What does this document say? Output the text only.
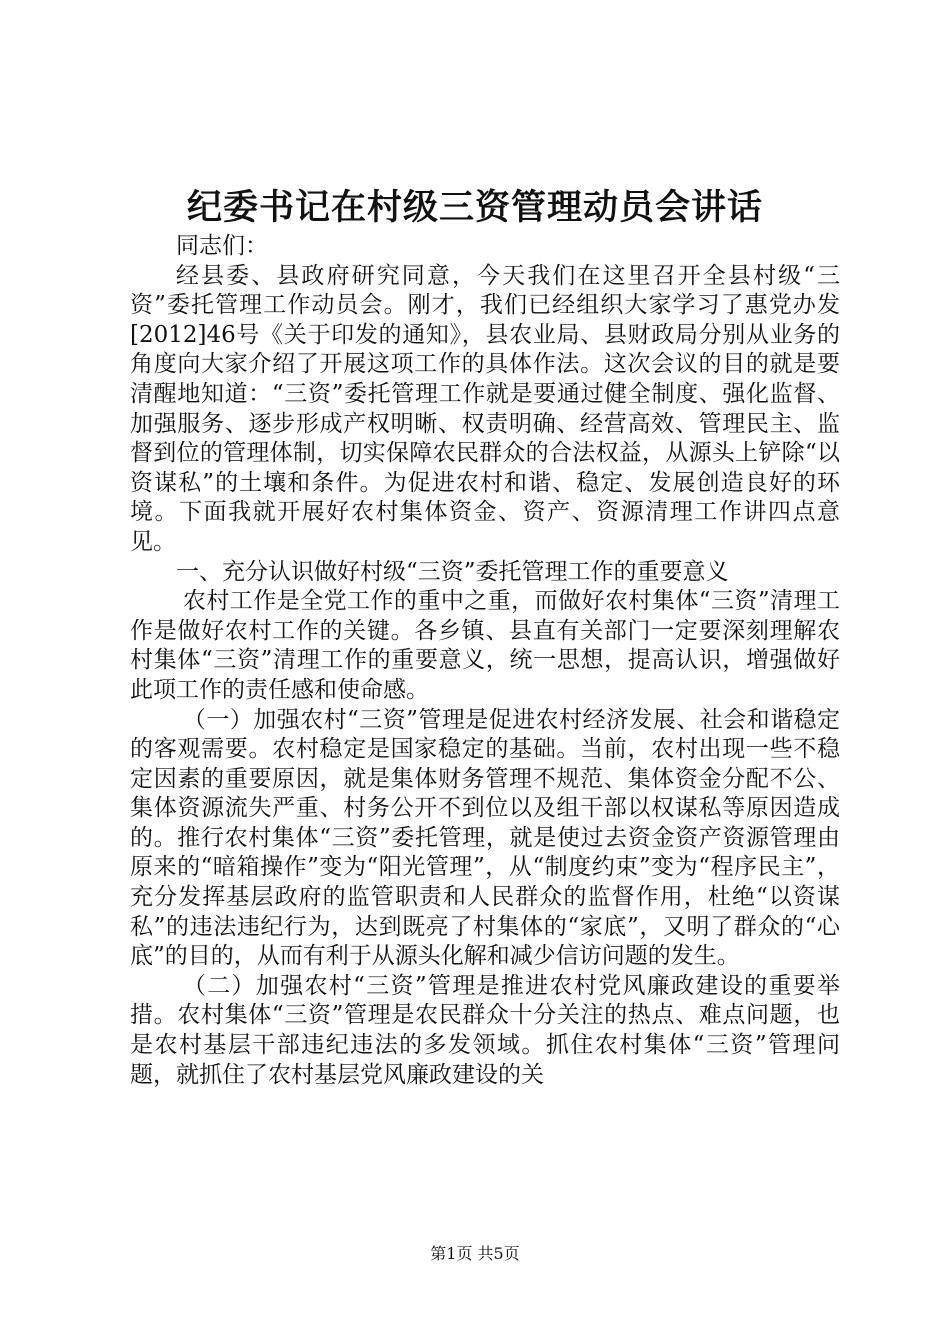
纪委书记在村级三资管理动员会讲话

同志们：

经县委、县政府研究同意，今天我们在这里召开全县村级“三资”委托管理工作动员会。刚才，我们已经组织大家学习了惠党办发[2012]46号《关于印发的通知》，县农业局、县财政局分别从业务的角度向大家介绍了开展这项工作的具体作法。这次会议的目的就是要清醒地知道：“三资”委托管理工作就是要通过健全制度、强化监督、加强服务、逐步形成产权明晰、权责明确、经营高效、管理民主、监督到位的管理体制，切实保障农民群众的合法权益，从源头上铲除“以资谋私”的土壤和条件。为促进农村和谐、稳定、发展创造良好的环境。下面我就开展好农村集体资金、资产、资源清理工作讲四点意见。

一、充分认识做好村级“三资”委托管理工作的重要意义

农村工作是全党工作的重中之重，而做好农村集体“三资”清理工作是做好农村工作的关键。各乡镇、县直有关部门一定要深刻理解农村集体“三资”清理工作的重要意义，统一思想，提高认识，增强做好此项工作的责任感和使命感。

（一）加强农村“三资”管理是促进农村经济发展、社会和谐稳定的客观需要。农村稳定是国家稳定的基础。当前，农村出现一些不稳定因素的重要原因，就是集体财务管理不规范、集体资金分配不公、集体资源流失严重、村务公开不到位以及组干部以权谋私等原因造成的。推行农村集体“三资”委托管理，就是使过去资金资产资源管理由原来的“暗箱操作”变为“阳光管理”，从“制度约束”变为“程序民主”，充分发挥基层政府的监管职责和人民群众的监督作用，杜绝“以资谋私”的违法违纪行为，达到既亮了村集体的“家底”，又明了群众的“心底”的目的，从而有利于从源头化解和减少信访问题的发生。

（二）加强农村“三资”管理是推进农村党风廉政建设的重要举措。农村集体“三资”管理是农民群众十分关注的热点、难点问题，也是农村基层干部违纪违法的多发领域。抓住农村集体“三资”管理问题，就抓住了农村基层党风廉政建设的关

第1页 共5页
